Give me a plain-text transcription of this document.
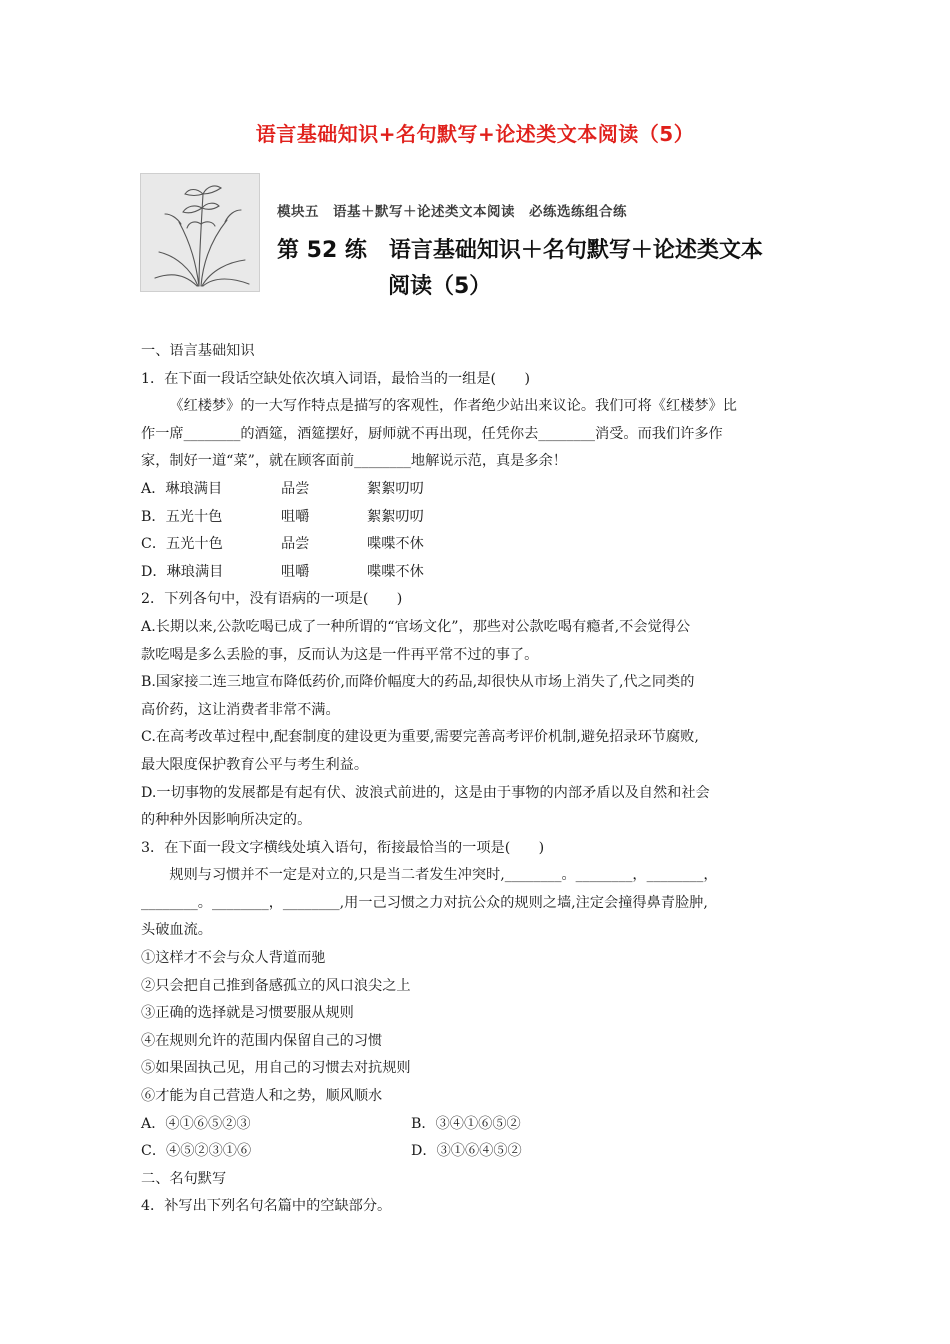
语言基础知识+名句默写+论述类文本阅读（5）
模块五　语基＋默写＋论述类文本阅读　必练选练组合练
第 52 练　语言基础知识＋名句默写＋论述类文本
阅读（5）

一、语言基础知识

1．在下面一段话空缺处依次填入词语，最恰当的一组是(　　)

《红楼梦》的一大写作特点是描写的客观性，作者绝少站出来议论。我们可将《红楼梦》比

作一席________的酒筵，酒筵摆好，厨师就不再出现，任凭你去________消受。而我们许多作

家，制好一道“菜”，就在顾客面前________地解说示范，真是多余！

A．琳琅满目	品尝	絮絮叨叨
B．五光十色	咀嚼	絮絮叨叨
C．五光十色	品尝	喋喋不休
D．琳琅满目	咀嚼	喋喋不休

2．下列各句中，没有语病的一项是(　　)

A.长期以来,公款吃喝已成了一种所谓的“官场文化”，那些对公款吃喝有瘾者,不会觉得公

款吃喝是多么丢脸的事，反而认为这是一件再平常不过的事了。

B.国家接二连三地宣布降低药价,而降价幅度大的药品,却很快从市场上消失了,代之同类的

高价药，这让消费者非常不满。

C.在高考改革过程中,配套制度的建设更为重要,需要完善高考评价机制,避免招录环节腐败,

最大限度保护教育公平与考生利益。

D.一切事物的发展都是有起有伏、波浪式前进的，这是由于事物的内部矛盾以及自然和社会

的种种外因影响所决定的。

3．在下面一段文字横线处填入语句，衔接最恰当的一项是(　　)

规则与习惯并不一定是对立的,只是当二者发生冲突时,________。________，________，

________。________，________,用一己习惯之力对抗公众的规则之墙,注定会撞得鼻青脸肿,

头破血流。

①这样才不会与众人背道而驰

②只会把自己推到备感孤立的风口浪尖之上

③正确的选择就是习惯要服从规则

④在规则允许的范围内保留自己的习惯

⑤如果固执己见，用自己的习惯去对抗规则

⑥才能为自己营造人和之势，顺风顺水

A．④①⑥⑤②③	B．③④①⑥⑤②
C．④⑤②③①⑥	D．③①⑥④⑤②

二、名句默写

4．补写出下列名句名篇中的空缺部分。
